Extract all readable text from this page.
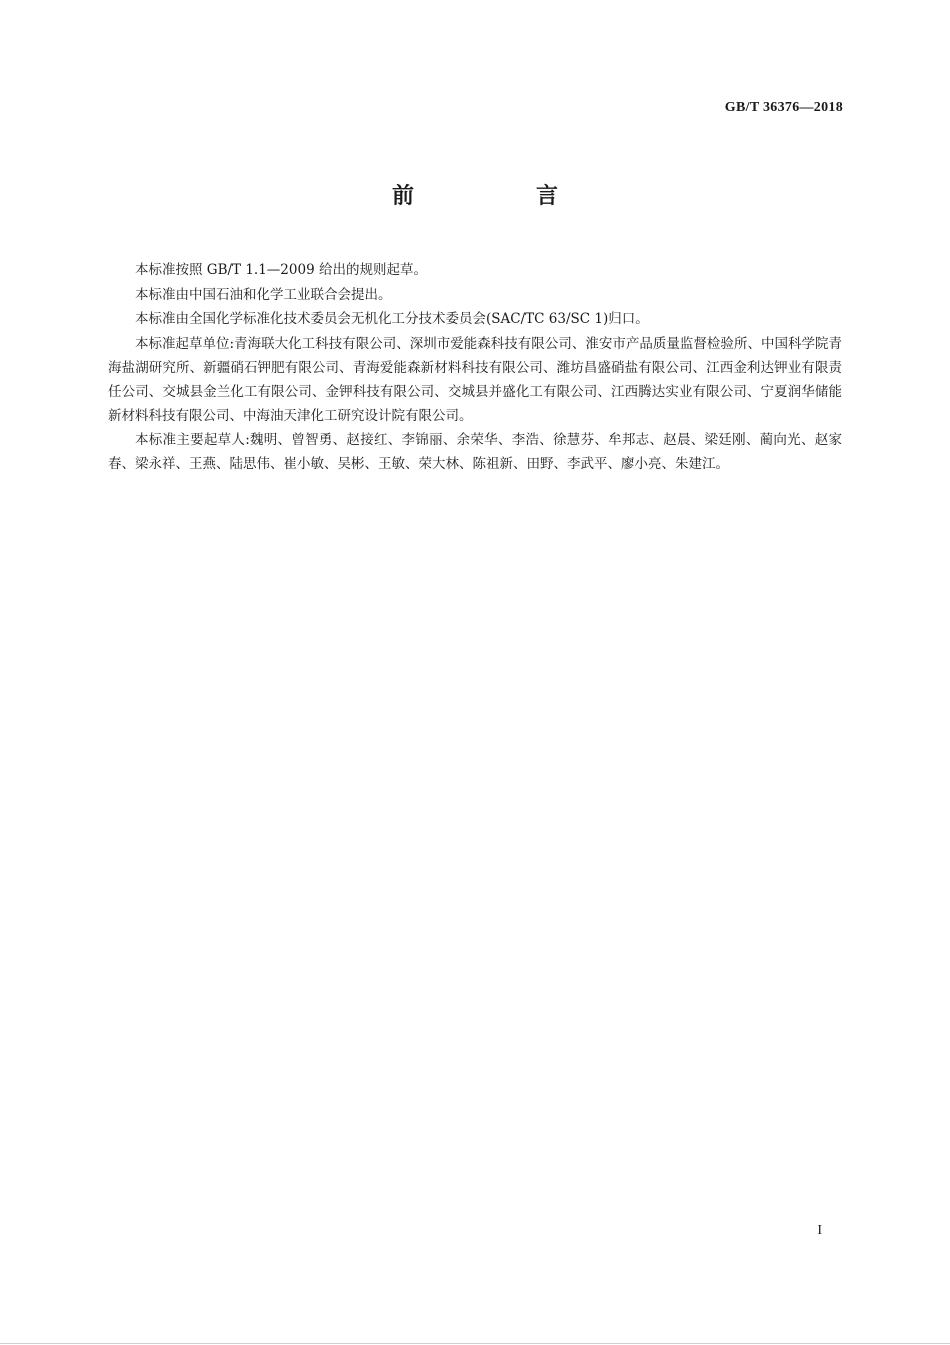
GB/T 36376—2018
前　言

本标准按照 GB/T 1.1—2009 给出的规则起草。

本标准由中国石油和化学工业联合会提出。

本标准由全国化学标准化技术委员会无机化工分技术委员会(SAC/TC 63/SC 1)归口。

本标准起草单位:青海联大化工科技有限公司、深圳市爱能森科技有限公司、淮安市产品质量监督检验所、中国科学院青海盐湖研究所、新疆硝石钾肥有限公司、青海爱能森新材料科技有限公司、潍坊昌盛硝盐有限公司、江西金利达钾业有限责任公司、交城县金兰化工有限公司、金钾科技有限公司、交城县并盛化工有限公司、江西腾达实业有限公司、宁夏润华储能新材料科技有限公司、中海油天津化工研究设计院有限公司。

本标准主要起草人:魏明、曾智勇、赵接红、李锦丽、余荣华、李浩、徐慧芬、牟邦志、赵晨、梁廷刚、蔺向光、赵家春、梁永祥、王燕、陆思伟、崔小敏、吴彬、王敏、荣大林、陈祖新、田野、李武平、廖小亮、朱建江。

I
